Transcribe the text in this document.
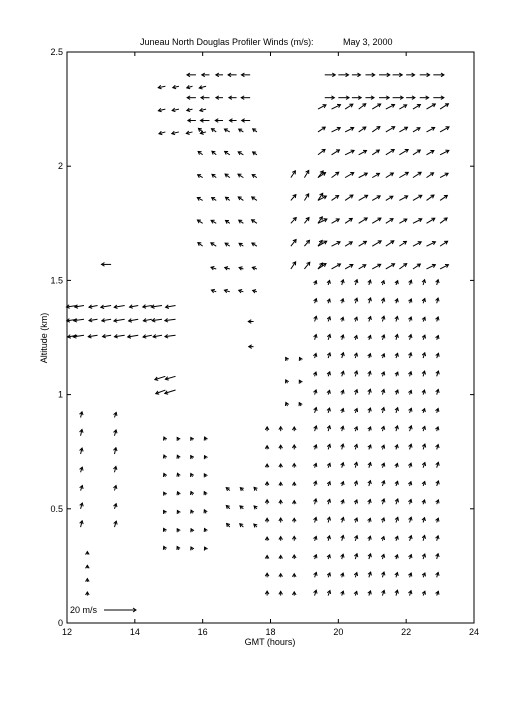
Juneau North Douglas Profiler Winds (m/s):	May 3, 2000
12	14	16	18	20	22	24
0
0.5
1
1.5
2
2.5
GMT (hours)
Altitude (km)
20 m/s
